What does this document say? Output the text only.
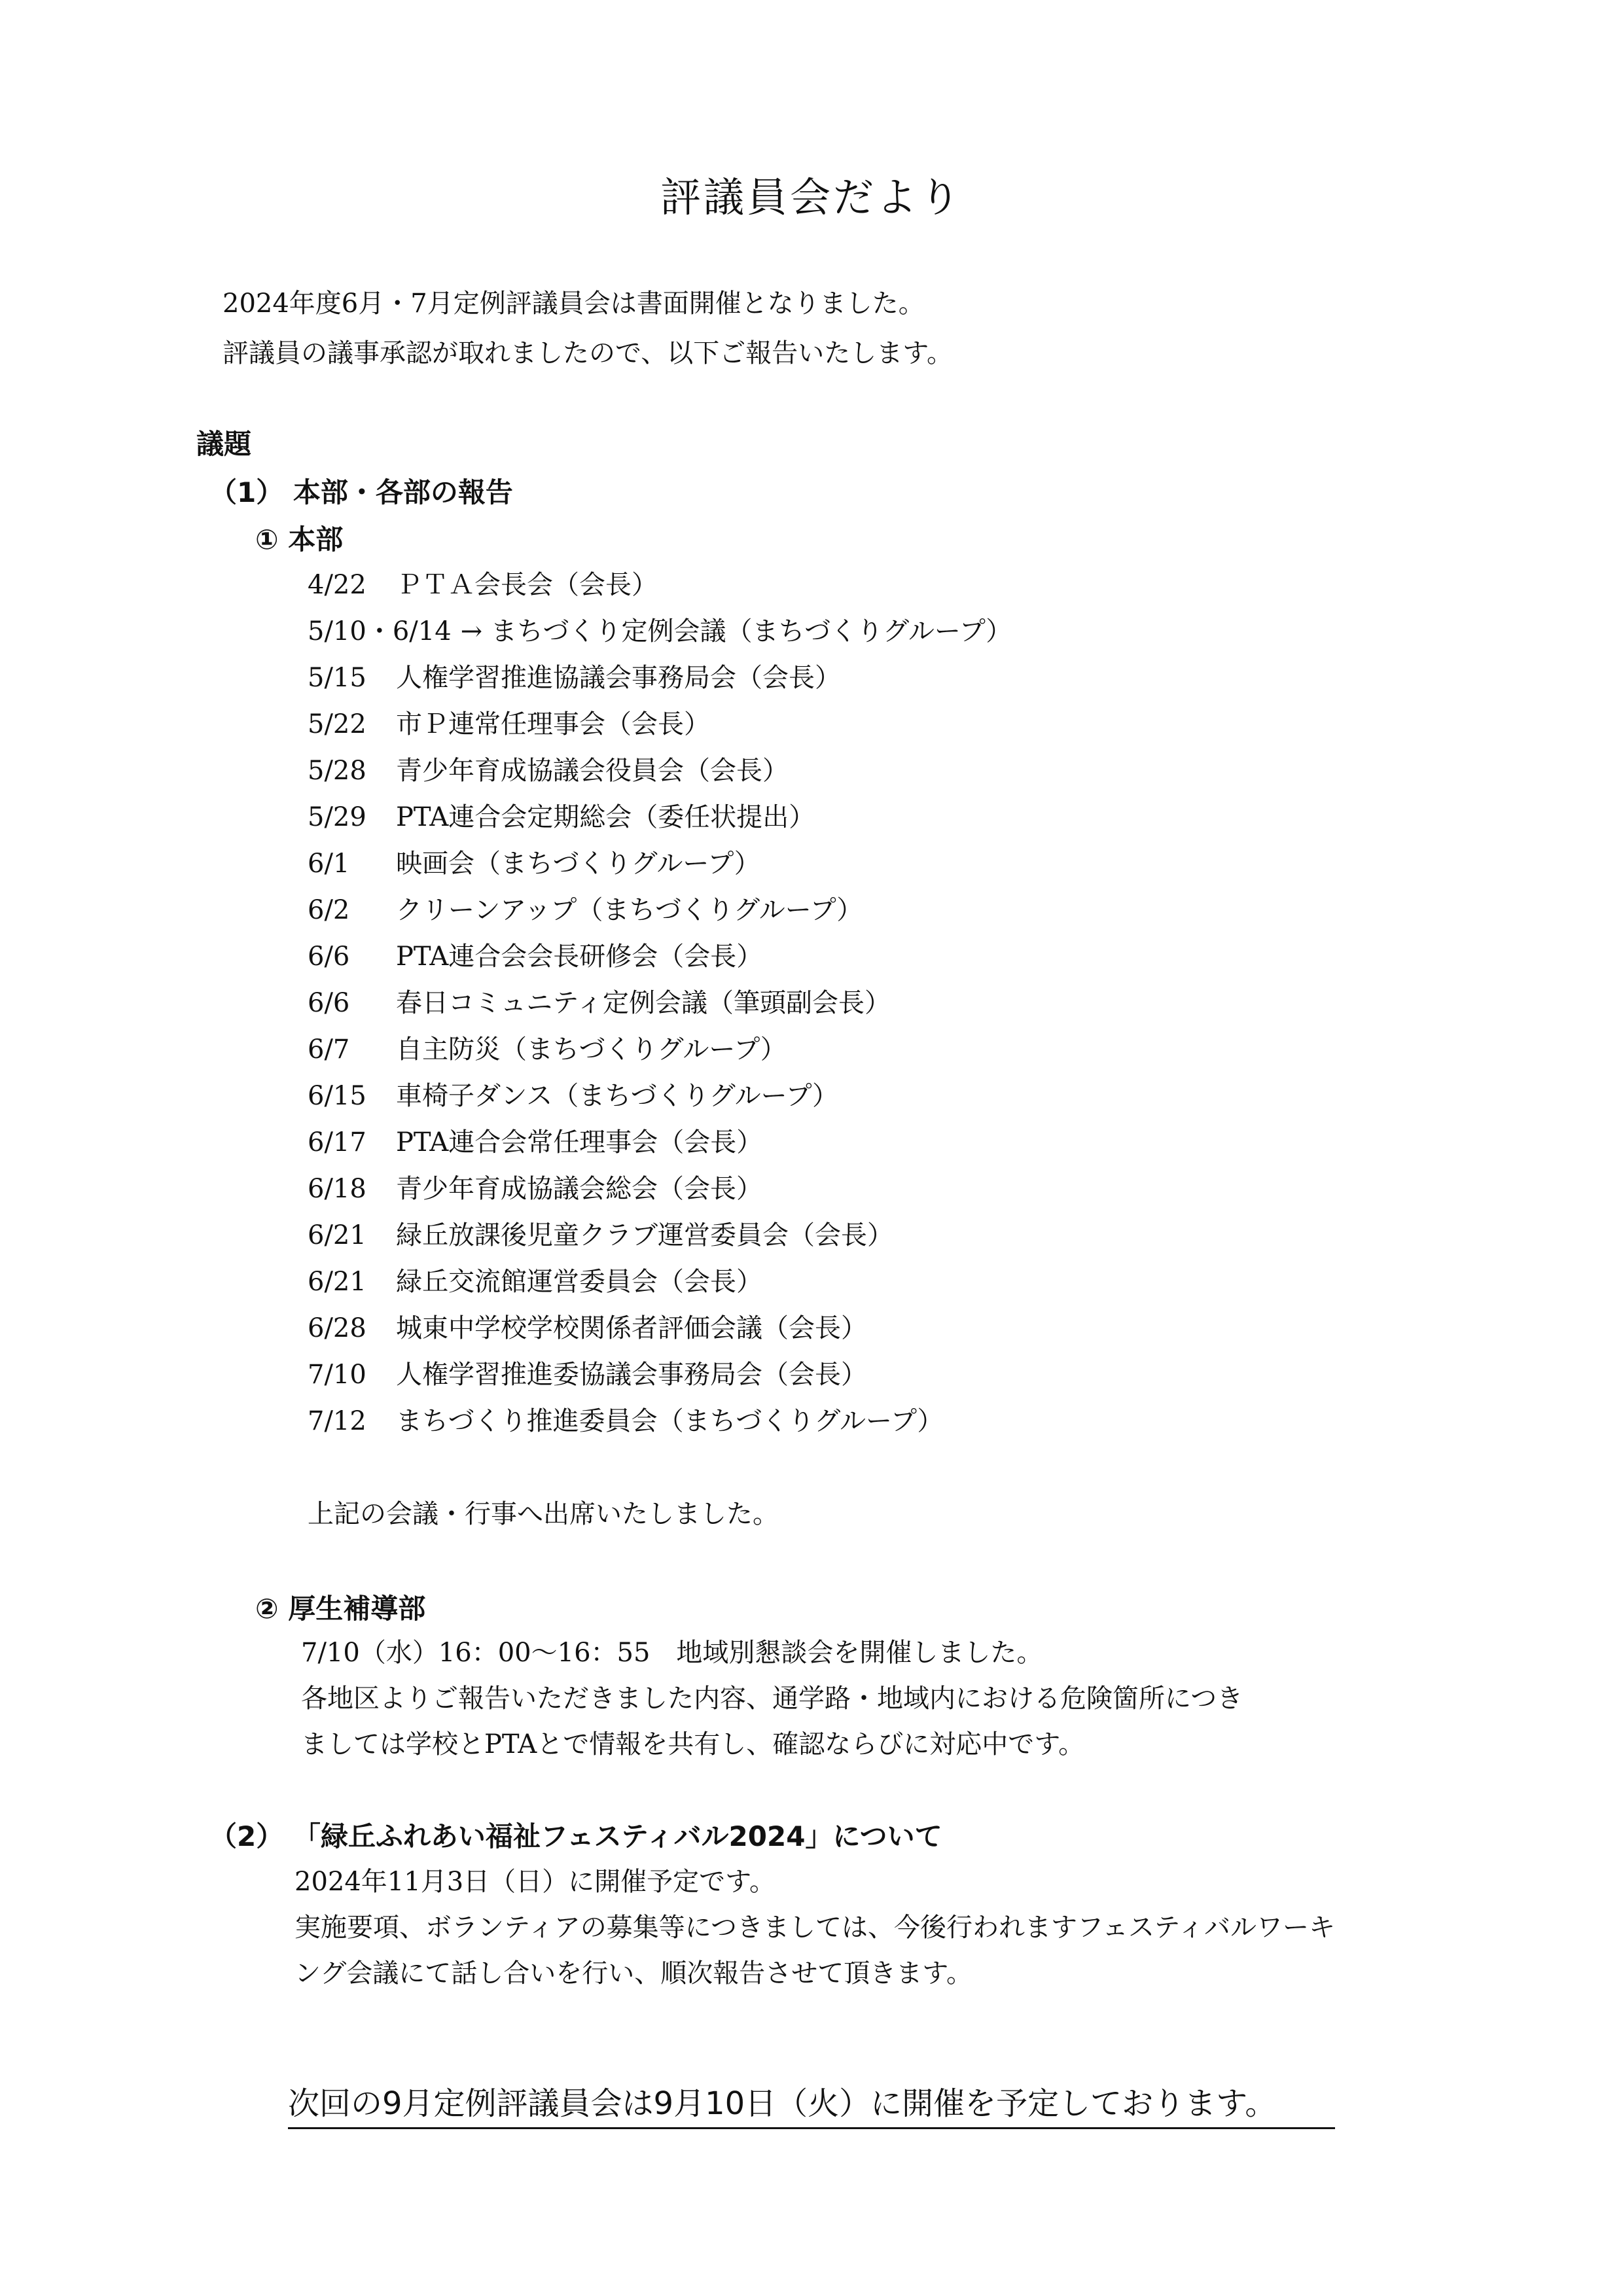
評議員会だより
2024年度6月・7月定例評議員会は書面開催となりました。
評議員の議事承認が取れましたので、以下ご報告いたします。
議題
（1） 本部・各部の報告
① 本部
4/22 ＰＴＡ会長会（会長）
5/10・6/14 → まちづくり定例会議（まちづくりグループ）
5/15 人権学習推進協議会事務局会（会長）
5/22 市Ｐ連常任理事会（会長）
5/28 青少年育成協議会役員会（会長）
5/29 PTA連合会定期総会（委任状提出）
6/1 映画会（まちづくりグループ）
6/2 クリーンアップ（まちづくりグループ）
6/6 PTA連合会会長研修会（会長）
6/6 春日コミュニティ定例会議（筆頭副会長）
6/7 自主防災（まちづくりグループ）
6/15 車椅子ダンス（まちづくりグループ）
6/17 PTA連合会常任理事会（会長）
6/18 青少年育成協議会総会（会長）
6/21 緑丘放課後児童クラブ運営委員会（会長）
6/21 緑丘交流館運営委員会（会長）
6/28 城東中学校学校関係者評価会議（会長）
7/10 人権学習推進委協議会事務局会（会長）
7/12 まちづくり推進委員会（まちづくりグループ）
上記の会議・行事へ出席いたしました。
② 厚生補導部
7/10（水）16：00〜16：55　地域別懇談会を開催しました。
各地区よりご報告いただきました内容、通学路・地域内における危険箇所につき
ましては学校とPTAとで情報を共有し、確認ならびに対応中です。
（2） 「緑丘ふれあい福祉フェスティバル2024」について
2024年11月3日（日）に開催予定です。
実施要項、ボランティアの募集等につきましては、今後行われますフェスティバルワーキ
ング会議にて話し合いを行い、順次報告させて頂きます。
次回の9月定例評議員会は9月10日（火）に開催を予定しております。
